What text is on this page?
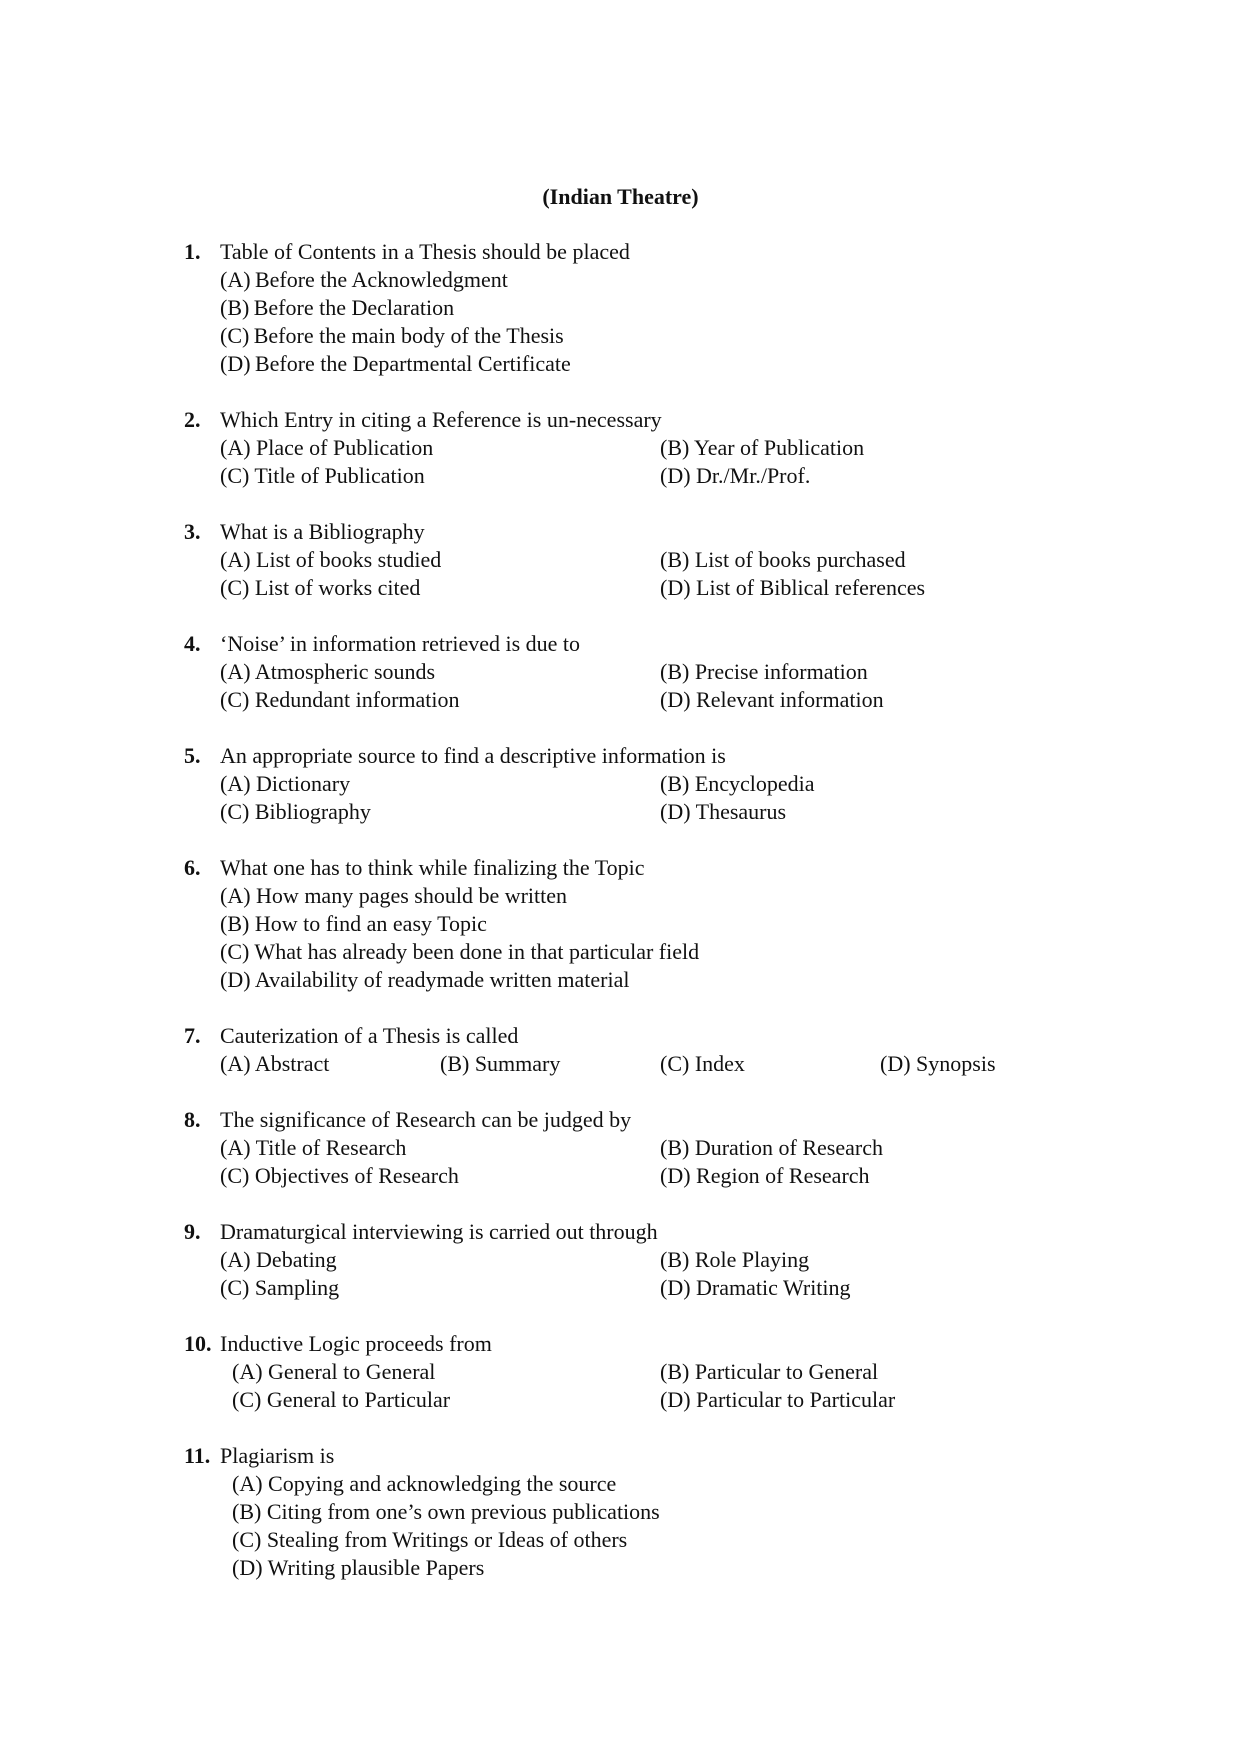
(Indian Theatre)
1. Table of Contents in a Thesis should be placed
(A) Before the Acknowledgment
(B) Before the Declaration
(C) Before the main body of the Thesis
(D) Before the Departmental Certificate
2. Which Entry in citing a Reference is un-necessary
(A) Place of Publication	(B) Year of Publication
(C) Title of Publication	(D) Dr./Mr./Prof.
3. What is a Bibliography
(A) List of books studied	(B) List of books purchased
(C) List of works cited	(D) List of Biblical references
4. ‘Noise’ in information retrieved is due to
(A) Atmospheric sounds	(B) Precise information
(C) Redundant information	(D) Relevant information
5. An appropriate source to find a descriptive information is
(A) Dictionary	(B) Encyclopedia
(C) Bibliography	(D) Thesaurus
6. What one has to think while finalizing the Topic
(A) How many pages should be written
(B) How to find an easy Topic
(C) What has already been done in that particular field
(D) Availability of readymade written material
7. Cauterization of a Thesis is called
(A) Abstract	(B) Summary	(C) Index	(D) Synopsis
8. The significance of Research can be judged by
(A) Title of Research	(B) Duration of Research
(C) Objectives of Research	(D) Region of Research
9. Dramaturgical interviewing is carried out through
(A) Debating	(B) Role Playing
(C) Sampling	(D) Dramatic Writing
10. Inductive Logic proceeds from
(A) General to General	(B) Particular to General
(C) General to Particular	(D) Particular to Particular
11. Plagiarism is
(A) Copying and acknowledging the source
(B) Citing from one’s own previous publications
(C) Stealing from Writings or Ideas of others
(D) Writing plausible Papers
